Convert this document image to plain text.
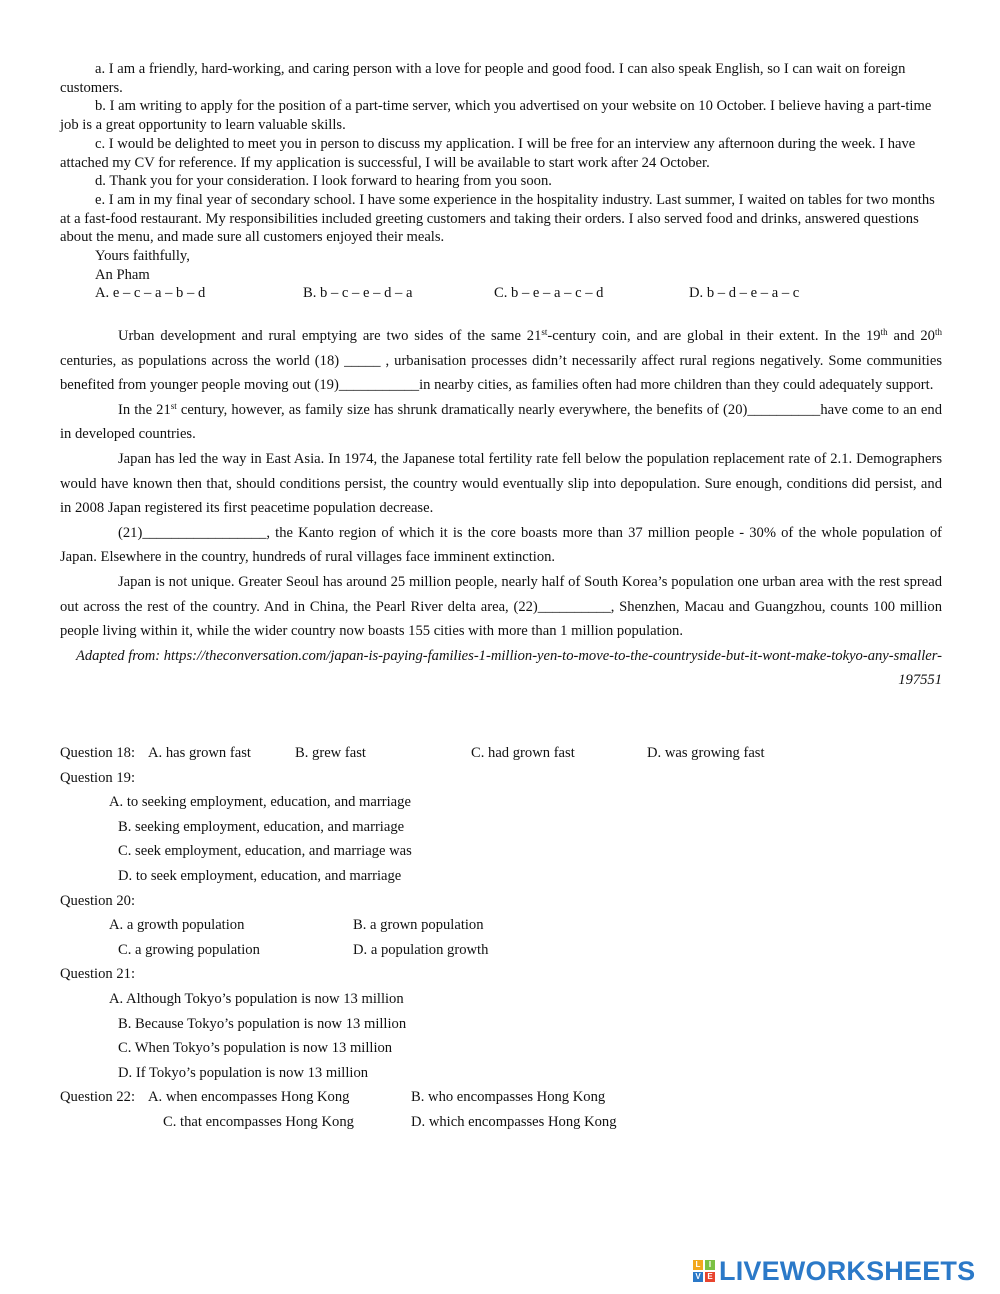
a. I am a friendly, hard-working, and caring person with a love for people and good food. I can also speak English, so I can wait on foreign customers.

b. I am writing to apply for the position of a part-time server, which you advertised on your website on 10 October. I believe having a part-time job is a great opportunity to learn valuable skills.

c. I would be delighted to meet you in person to discuss my application. I will be free for an interview any afternoon during the week. I have attached my CV for reference. If my application is successful, I will be available to start work after 24 October.

d. Thank you for your consideration. I look forward to hearing from you soon.

e. I am in my final year of secondary school. I have some experience in the hospitality industry. Last summer, I waited on tables for two months at a fast-food restaurant. My responsibilities included greeting customers and taking their orders. I also served food and drinks, answered questions about the menu, and made sure all customers enjoyed their meals.

Yours faithfully,
An Pham
A. e – c – a – b – d	B. b – c – e – d – a	C. b – e – a – c – d	D. b – d – e – a – c

Urban development and rural emptying are two sides of the same 21st-century coin, and are global in their extent. In the 19th and 20th centuries, as populations across the world (18) _____ , urbanisation processes didn’t necessarily affect rural regions negatively. Some communities benefited from younger people moving out (19)___________in nearby cities, as families often had more children than they could adequately support.

In the 21st century, however, as family size has shrunk dramatically nearly everywhere, the benefits of (20)__________have come to an end in developed countries.

Japan has led the way in East Asia. In 1974, the Japanese total fertility rate fell below the population replacement rate of 2.1. Demographers would have known then that, should conditions persist, the country would eventually slip into depopulation. Sure enough, conditions did persist, and in 2008 Japan registered its first peacetime population decrease.

(21)_________________, the Kanto region of which it is the core boasts more than 37 million people - 30% of the whole population of Japan. Elsewhere in the country, hundreds of rural villages face imminent extinction.

Japan is not unique. Greater Seoul has around 25 million people, nearly half of South Korea’s population one urban area with the rest spread out across the rest of the country. And in China, the Pearl River delta area, (22)__________, Shenzhen, Macau and Guangzhou, counts 100 million people living within it, while the wider country now boasts 155 cities with more than 1 million population.

Adapted from: https://theconversation.com/japan-is-paying-families-1-million-yen-to-move-to-the-countryside-but-it-wont-make-tokyo-any-smaller-197551

Question 18: A. has grown fast	B. grew fast	C. had grown fast	D. was growing fast
Question 19:
A. to seeking employment, education, and marriage
B. seeking employment, education, and marriage
C. seek employment, education, and marriage was
D. to seek employment, education, and marriage
Question 20:
A. a growth population	B. a grown population
C. a growing population	D. a population growth
Question 21:
A. Although Tokyo’s population is now 13 million
B. Because Tokyo’s population is now 13 million
C. When Tokyo’s population is now 13 million
D. If Tokyo’s population is now 13 million
Question 22: A. when encompasses Hong Kong	B. who encompasses Hong Kong
C. that encompasses Hong Kong	D. which encompasses Hong Kong
L	I
V E LIVEWORKSHEETS
